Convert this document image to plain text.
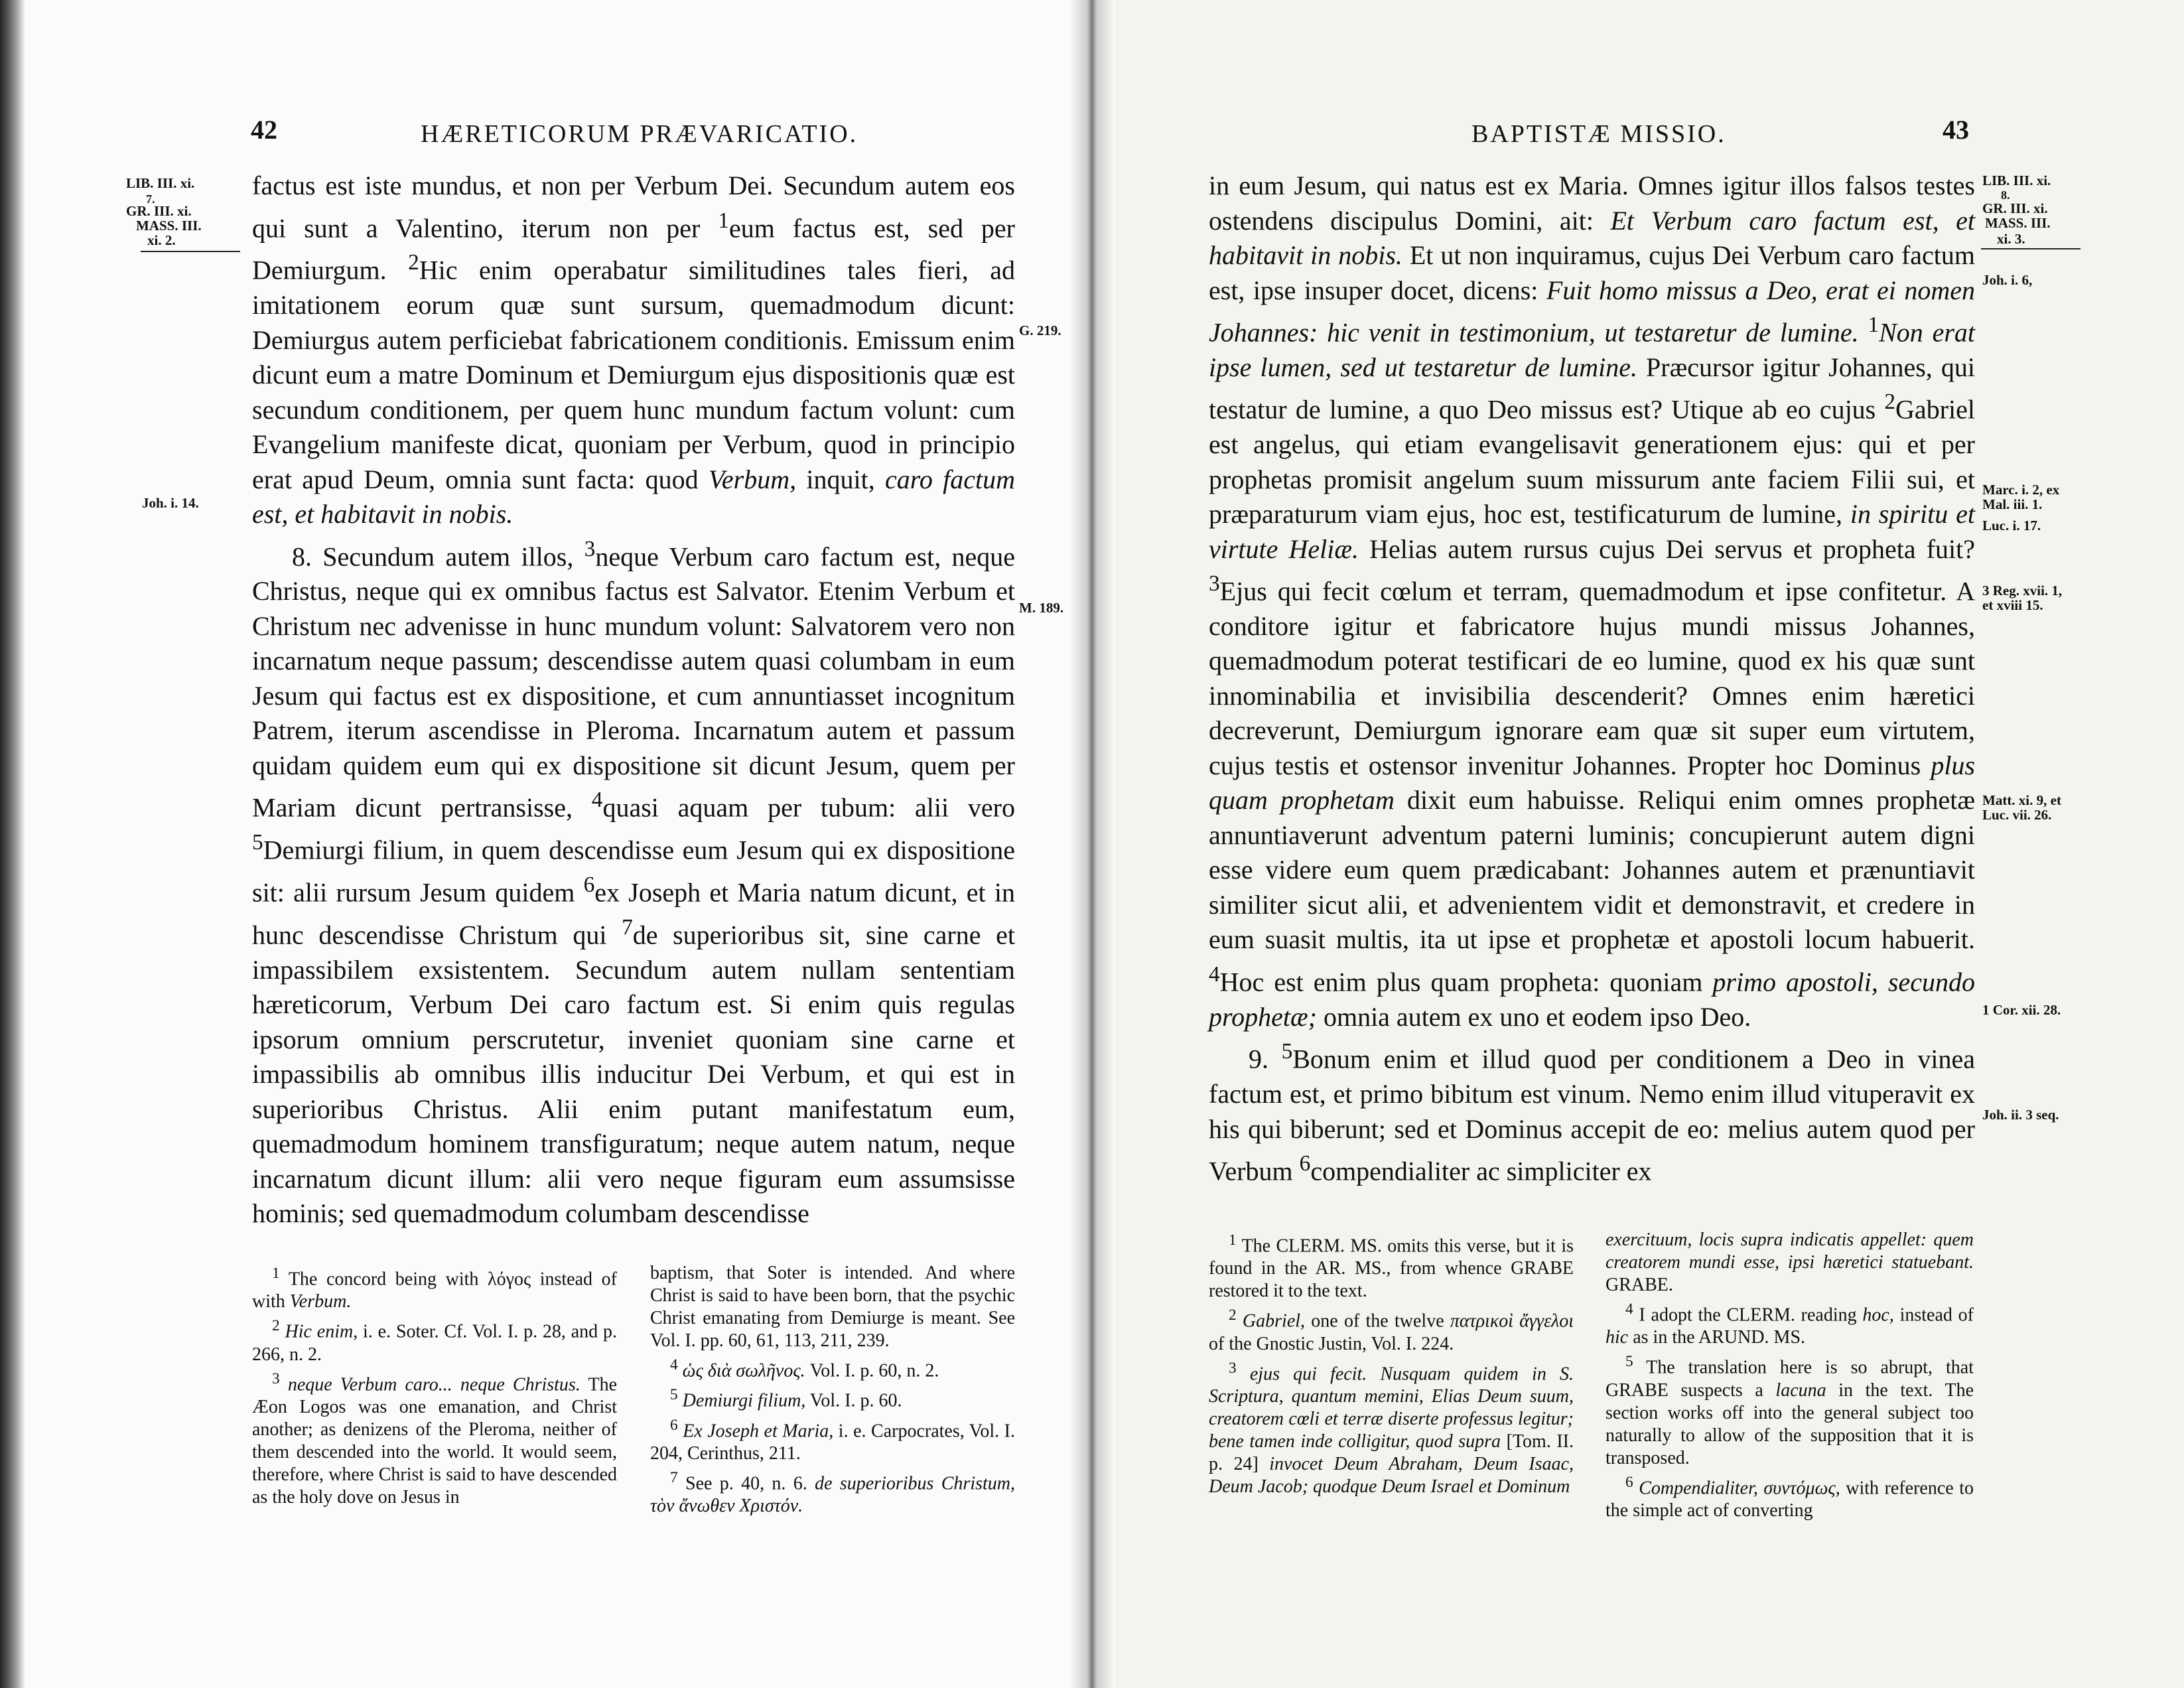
42	HÆRETICORUM PRÆVARICATIO.
LIB. III. xi.
GR. III. xi.
7.
MASS. III.
xi. 2.
G. 219.
Joh. i. 14.
M. 189.

factus est iste mundus, et non per Verbum Dei. Secundum autem eos qui sunt a Valentino, iterum non per $^1$eum factus est, sed per Demiurgum. $^2$Hic enim operabatur similitudines tales fieri, ad imitationem eorum quæ sunt sursum, quemadmodum dicunt: Demiurgus autem perficiebat fabricationem conditionis. Emissum enim dicunt eum a matre Dominum et Demiurgum ejus dispositionis quæ est secundum conditionem, per quem hunc mundum factum volunt: cum Evangelium manifeste dicat, quoniam per Verbum, quod in principio erat apud Deum, omnia sunt facta: quod Verbum, inquit, caro factum est, et habitavit in nobis.

8. Secundum autem illos, $^3$neque Verbum caro factum est, neque Christus, neque qui ex omnibus factus est Salvator. Etenim Verbum et Christum nec advenisse in hunc mundum volunt: Salvatorem vero non incarnatum neque passum; descendisse autem quasi columbam in eum Jesum qui factus est ex dispositione, et cum annuntiasset incognitum Patrem, iterum ascendisse in Pleroma. Incarnatum autem et passum quidam quidem eum qui ex dispositione sit dicunt Jesum, quem per Mariam dicunt pertransisse, $^4$quasi aquam per tubum: alii vero $^5$Demiurgi filium, in quem descendisse eum Jesum qui ex dispositione sit: alii rursum Jesum quidem $^6$ex Joseph et Maria natum dicunt, et in hunc descendisse Christum qui $^7$de superioribus sit, sine carne et impassibilem exsistentem. Secundum autem nullam sententiam hæreticorum, Verbum Dei caro factum est. Si enim quis regulas ipsorum omnium perscrutetur, inveniet quoniam sine carne et impassibilis ab omnibus illis inducitur Dei Verbum, et qui est in superioribus Christus. Alii enim putant manifestatum eum, quemadmodum hominem transfiguratum; neque autem natum, neque incarnatum dicunt illum: alii vero neque figuram eum assumsisse hominis; sed quemadmodum columbam descendisse

$^1$ The concord being with λόγος instead of with Verbum.

$^2$ Hic enim, i. e. Soter. Cf. Vol. I. p. 28, and p. 266, n. 2.

$^3$ neque Verbum caro... neque Christus. The Æon Logos was one emanation, and Christ another; as denizens of the Pleroma, neither of them descended into the world. It would seem, therefore, where Christ is said to have descended as the holy dove on Jesus in

baptism, that Soter is intended. And where Christ is said to have been born, that the psychic Christ emanating from Demiurge is meant. See Vol. I. pp. 60, 61, 113, 211, 239.

$^4$ ὡς διὰ σωλῆνος. Vol. I. p. 60, n. 2.

$^5$ Demiurgi filium, Vol. I. p. 60.

$^6$ Ex Joseph et Maria, i. e. Carpocrates, Vol. I. 204, Cerinthus, 211.

$^7$ See p. 40, n. 6. de superioribus Christum, τὸν ἄνωθεν Χριστόν.

BAPTISTÆ MISSIO.	43

in eum Jesum, qui natus est ex Maria. Omnes igitur illos falsos testes ostendens discipulus Domini, ait: Et Verbum caro factum est, et habitavit in nobis. Et ut non inquiramus, cujus Dei Verbum caro factum est, ipse insuper docet, dicens: Fuit homo missus a Deo, erat ei nomen Johannes: hic venit in testimonium, ut testaretur de lumine. $^1$Non erat ipse lumen, sed ut testaretur de lumine. Præcursor igitur Johannes, qui testatur de lumine, a quo Deo missus est? Utique ab eo cujus $^2$Gabriel est angelus, qui etiam evangelisavit generationem ejus: qui et per prophetas promisit angelum suum missurum ante faciem Filii sui, et præparaturum viam ejus, hoc est, testificaturum de lumine, in spiritu et virtute Heliæ. Helias autem rursus cujus Dei servus et propheta fuit? $^3$Ejus qui fecit cœlum et terram, quemadmodum et ipse confitetur. A conditore igitur et fabricatore hujus mundi missus Johannes, quemadmodum poterat testificari de eo lumine, quod ex his quæ sunt innominabilia et invisibilia descenderit? Omnes enim hæretici decreverunt, Demiurgum ignorare eam quæ sit super eum virtutem, cujus testis et ostensor invenitur Johannes. Propter hoc Dominus plus quam prophetam dixit eum habuisse. Reliqui enim omnes prophetæ annuntiaverunt adventum paterni luminis; concupierunt autem digni esse videre eum quem prædicabant: Johannes autem et prænuntiavit similiter sicut alii, et advenientem vidit et demonstravit, et credere in eum suasit multis, ita ut ipse et prophetæ et apostoli locum habuerit. $^4$Hoc est enim plus quam propheta: quoniam primo apostoli, secundo prophetæ; omnia autem ex uno et eodem ipso Deo.

9. $^5$Bonum enim et illud quod per conditionem a Deo in vinea factum est, et primo bibitum est vinum. Nemo enim illud vituperavit ex his qui biberunt; sed et Dominus accepit de eo: melius autem quod per Verbum $^6$compendialiter ac simpliciter ex

LIB. III. xi.
8.
GR. III. xi.
MASS. III.
xi. 3.
Joh. i. 6,
Marc. i. 2, ex
Mal. iii. 1.
Luc. i. 17.
3 Reg. xvii. 1,
et xviii 15.
Matt. xi. 9, et
Luc. vii. 26.
1 Cor. xii. 28.
Joh. ii. 3 seq.

$^1$ The CLERM. MS. omits this verse, but it is found in the AR. MS., from whence GRABE restored it to the text.

$^2$ Gabriel, one of the twelve πατρικοὶ ἄγγελοι of the Gnostic Justin, Vol. I. 224.

$^3$ ejus qui fecit. Nusquam quidem in S. Scriptura, quantum memini, Elias Deum suum, creatorem cœli et terræ diserte professus legitur; bene tamen inde colligitur, quod supra [Tom. II. p. 24] invocet Deum Abraham, Deum Isaac, Deum Jacob; quodque Deum Israel et Dominum

exercituum, locis supra indicatis appellet: quem creatorem mundi esse, ipsi hæretici statuebant. GRABE.

$^4$ I adopt the CLERM. reading hoc, instead of hic as in the ARUND. MS.

$^5$ The translation here is so abrupt, that GRABE suspects a lacuna in the text. The section works off into the general subject too naturally to allow of the supposition that it is transposed.

$^6$ Compendialiter, συντόμως, with reference to the simple act of converting
